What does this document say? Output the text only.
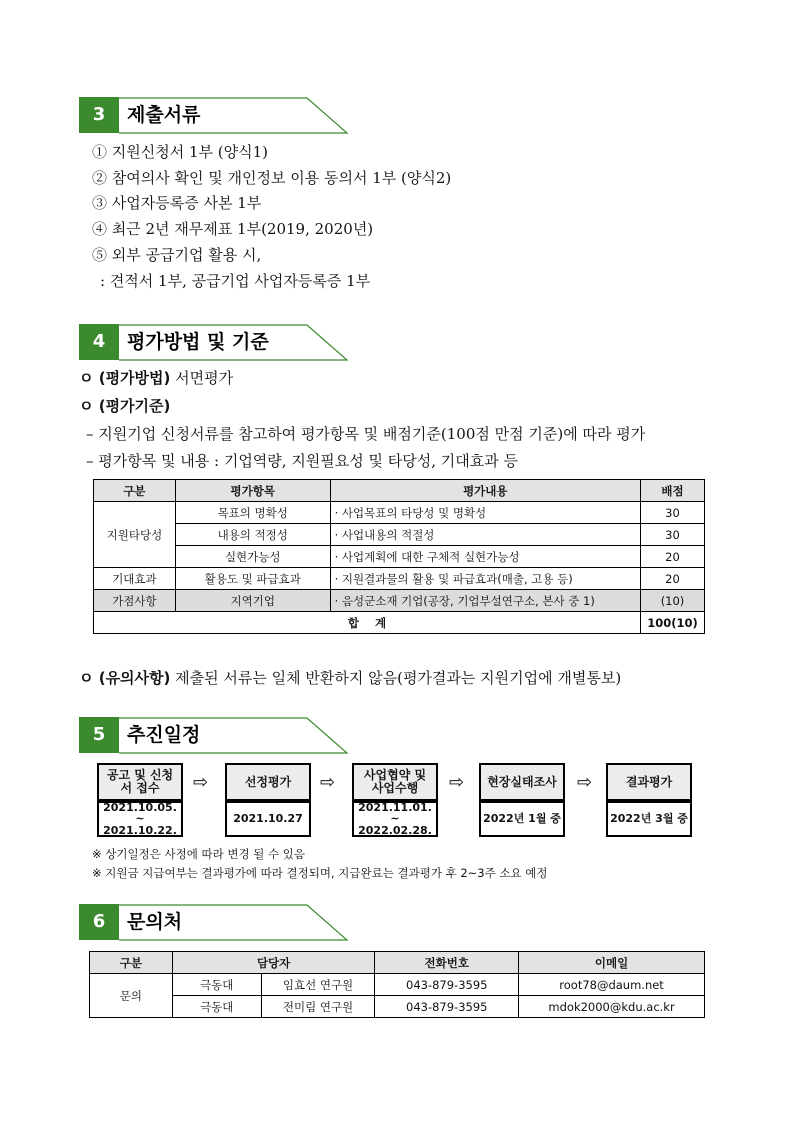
3	제출서류
① 지원신청서 1부 (양식1)
② 참여의사 확인 및 개인정보 이용 동의서 1부 (양식2)
③ 사업자등록증 사본 1부
④ 최근 2년 재무제표 1부(2019, 2020년)
⑤ 외부 공급기업 활용 시,
: 견적서 1부, 공급기업 사업자등록증 1부
4	평가방법 및 기준
ㅇ (평가방법) 서면평가
ㅇ (평가기준)
– 지원기업 신청서류를 참고하여 평가항목 및 배점기준(100점 만점 기준)에 따라 평가
– 평가항목 및 내용 : 기업역량, 지원필요성 및 타당성, 기대효과 등
구분	평가항목	평가내용	배점
지원타당성	목표의 명확성	· 사업목표의 타당성 및 명확성	30
	내용의 적정성	· 사업내용의 적절성	30
	실현가능성	· 사업계획에 대한 구체적 실현가능성	20
기대효과	활용도 및 파급효과	· 지원결과물의 활용 및 파급효과(매출, 고용 등)	20
가점사항	지역기업	· 음성군소재 기업(공장, 기업부설연구소, 본사 중 1)	(10)
합    계			100(10)
ㅇ (유의사항) 제출된 서류는 일체 반환하지 않음(평가결과는 지원기업에 개별통보)
5	추진일정
공고 및 신청서 접수
2021.10.05. ~ 2021.10.22.
⇨	선정평가
2021.10.27
⇨	사업협약 및 사업수행
2021.11.01. ~ 2022.02.28.
⇨	현장실태조사
2022년 1월 중
⇨	결과평가
2022년 3월 중
※ 상기일정은 사정에 따라 변경 될 수 있음
※ 지원금 지급여부는 결과평가에 따라 결정되며, 지급완료는 결과평가 후 2~3주 소요 예정
6	문의처
구분	담당자		전화번호	이메일
문의	극동대	임효선 연구원	043-879-3595	root78@daum.net
	극동대	전미림 연구원	043-879-3595	mdok2000@kdu.ac.kr
